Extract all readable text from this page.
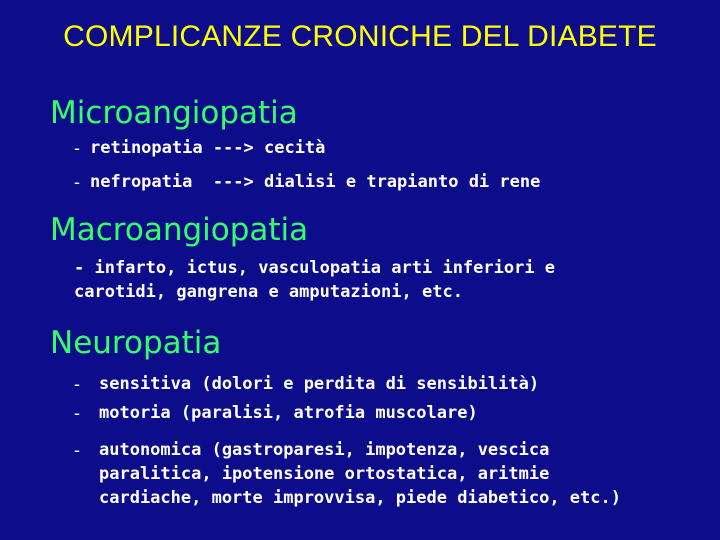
COMPLICANZE CRONICHE DEL DIABETE
Microangiopatia
- retinopatia ---> cecità
- nefropatia  ---> dialisi e trapianto di rene
Macroangiopatia
- infarto, ictus, vasculopatia arti inferiori e
carotidi, gangrena e amputazioni, etc.
Neuropatia
- sensitiva (dolori e perdita di sensibilità)
- motoria (paralisi, atrofia muscolare)
- autonomica (gastroparesi, impotenza, vescica
paralitica, ipotensione ortostatica, aritmie
cardiache, morte improvvisa, piede diabetico, etc.)
